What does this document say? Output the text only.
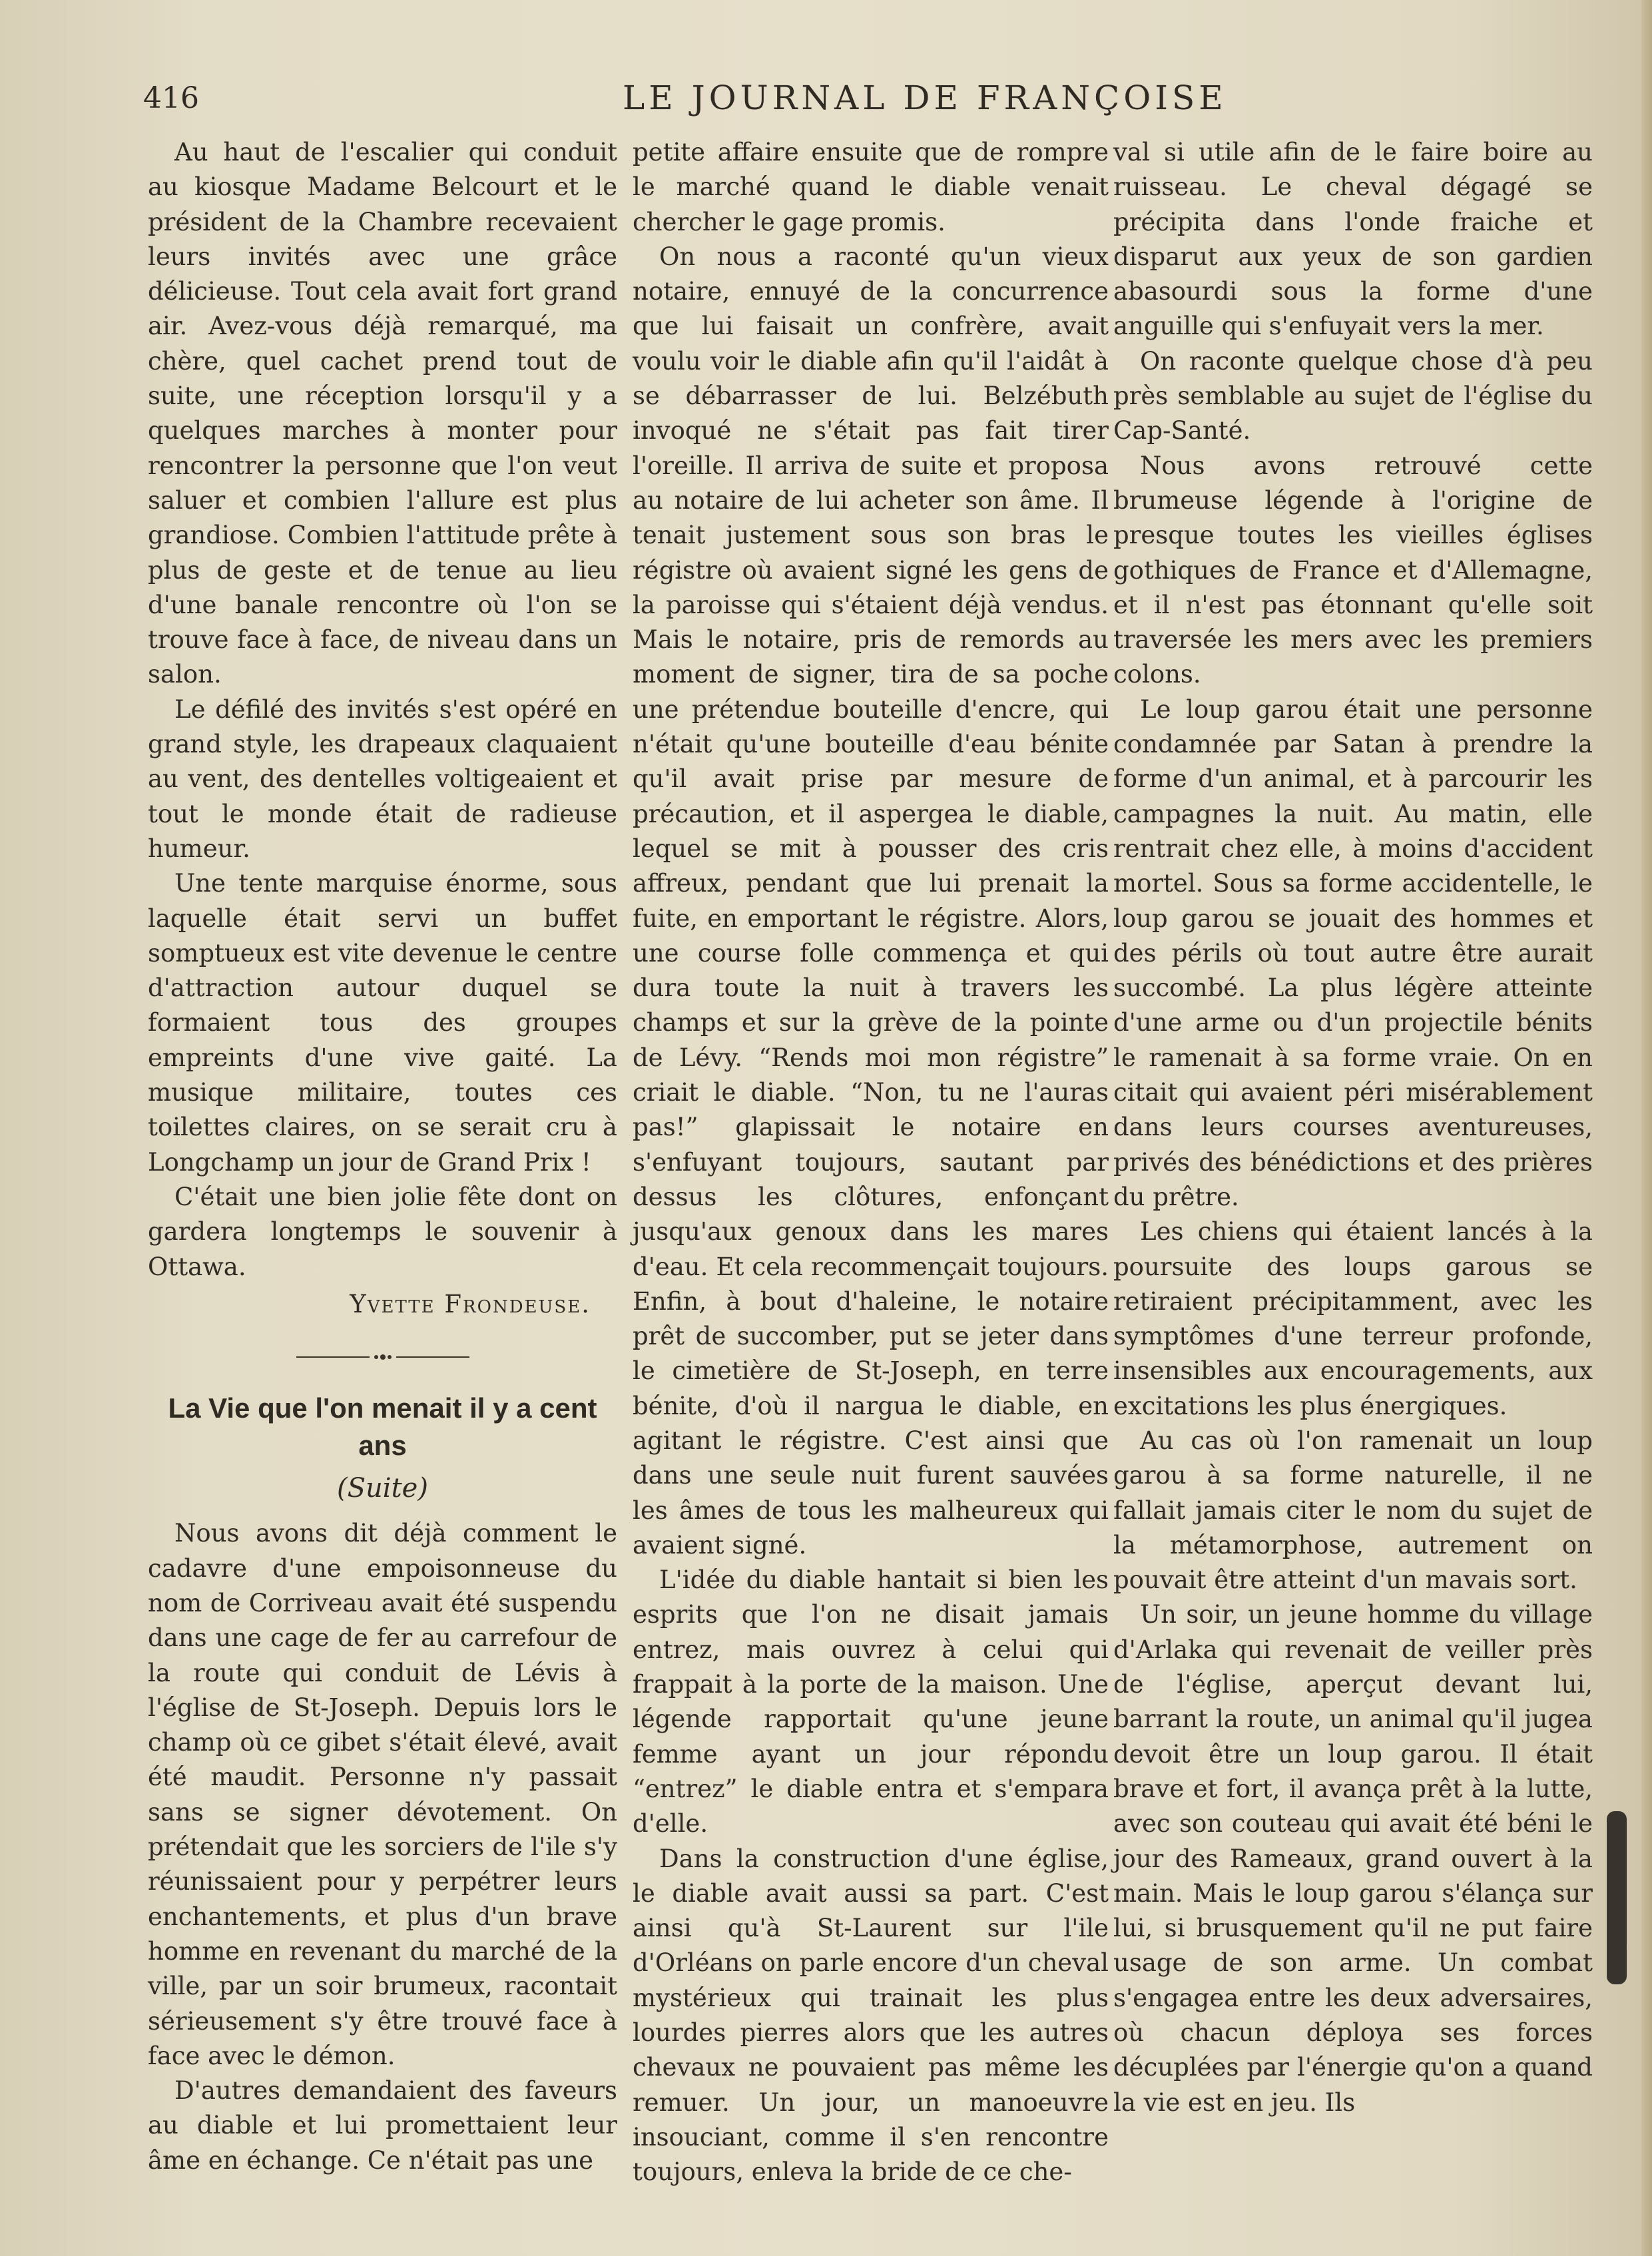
416	LE JOURNAL DE FRANÇOISE

Au haut de l'escalier qui conduit au kiosque Madame Belcourt et le président de la Chambre recevaient leurs invités avec une grâce délicieuse. Tout cela avait fort grand air. Avez-vous déjà remarqué, ma chère, quel cachet prend tout de suite, une réception lorsqu'il y a quelques marches à monter pour rencontrer la personne que l'on veut saluer et combien l'allure est plus grandiose. Combien l'attitude prête à plus de geste et de tenue au lieu d'une banale rencontre où l'on se trouve face à face, de niveau dans un salon.

Le défilé des invités s'est opéré en grand style, les drapeaux claquaient au vent, des dentelles voltigeaient et tout le monde était de radieuse humeur.

Une tente marquise énorme, sous laquelle était servi un buffet somptueux est vite devenue le centre d'attraction autour duquel se formaient tous des groupes empreints d'une vive gaité. La musique militaire, toutes ces toilettes claires, on se serait cru à Longchamp un jour de Grand Prix !

C'était une bien jolie fête dont on gardera longtemps le souvenir à Ottawa.

Yvette Frondeuse.
La Vie que l'on menait il y a cent ans
(Suite)

Nous avons dit déjà comment le cadavre d'une empoisonneuse du nom de Corriveau avait été suspendu dans une cage de fer au carrefour de la route qui conduit de Lévis à l'église de St-Joseph. Depuis lors le champ où ce gibet s'était élevé, avait été maudit. Personne n'y passait sans se signer dévotement. On prétendait que les sorciers de l'ile s'y réunissaient pour y perpétrer leurs enchantements, et plus d'un brave homme en revenant du marché de la ville, par un soir brumeux, racontait sérieusement s'y être trouvé face à face avec le démon.

D'autres demandaient des faveurs au diable et lui promettaient leur âme en échange. Ce n'était pas une

petite affaire ensuite que de rompre le marché quand le diable venait chercher le gage promis.

On nous a raconté qu'un vieux notaire, ennuyé de la concurrence que lui faisait un confrère, avait voulu voir le diable afin qu'il l'aidât à se débarrasser de lui. Belzébuth invoqué ne s'était pas fait tirer l'oreille. Il arriva de suite et proposa au notaire de lui acheter son âme. Il tenait justement sous son bras le régistre où avaient signé les gens de la paroisse qui s'étaient déjà vendus. Mais le notaire, pris de remords au moment de signer, tira de sa poche une prétendue bouteille d'encre, qui n'était qu'une bouteille d'eau bénite qu'il avait prise par mesure de précaution, et il aspergea le diable, lequel se mit à pousser des cris affreux, pendant que lui prenait la fuite, en emportant le régistre. Alors, une course folle commença et qui dura toute la nuit à travers les champs et sur la grève de la pointe de Lévy. “Rends moi mon régistre” criait le diable. “Non, tu ne l'auras pas!” glapissait le notaire en s'enfuyant toujours, sautant par dessus les clôtures, enfonçant jusqu'aux genoux dans les mares d'eau. Et cela recommençait toujours. Enfin, à bout d'haleine, le notaire prêt de succomber, put se jeter dans le cimetière de St-Joseph, en terre bénite, d'où il nargua le diable, en agitant le régistre. C'est ainsi que dans une seule nuit furent sauvées les âmes de tous les malheureux qui avaient signé.

L'idée du diable hantait si bien les esprits que l'on ne disait jamais entrez, mais ouvrez à celui qui frappait à la porte de la maison. Une légende rapportait qu'une jeune femme ayant un jour répondu “entrez” le diable entra et s'empara d'elle.

Dans la construction d'une église, le diable avait aussi sa part. C'est ainsi qu'à St-Laurent sur l'ile d'Orléans on parle encore d'un cheval mystérieux qui trainait les plus lourdes pierres alors que les autres chevaux ne pouvaient pas même les remuer. Un jour, un manoeuvre insouciant, comme il s'en rencontre toujours, enleva la bride de ce che-

val si utile afin de le faire boire au ruisseau. Le cheval dégagé se précipita dans l'onde fraiche et disparut aux yeux de son gardien abasourdi sous la forme d'une anguille qui s'enfuyait vers la mer.

On raconte quelque chose d'à peu près semblable au sujet de l'église du Cap-Santé.

Nous avons retrouvé cette brumeuse légende à l'origine de presque toutes les vieilles églises gothiques de France et d'Allemagne, et il n'est pas étonnant qu'elle soit traversée les mers avec les premiers colons.

Le loup garou était une personne condamnée par Satan à prendre la forme d'un animal, et à parcourir les campagnes la nuit. Au matin, elle rentrait chez elle, à moins d'accident mortel. Sous sa forme accidentelle, le loup garou se jouait des hommes et des périls où tout autre être aurait succombé. La plus légère atteinte d'une arme ou d'un projectile bénits le ramenait à sa forme vraie. On en citait qui avaient péri misérablement dans leurs courses aventureuses, privés des bénédictions et des prières du prêtre.

Les chiens qui étaient lancés à la poursuite des loups garous se retiraient précipitamment, avec les symptômes d'une terreur profonde, insensibles aux encouragements, aux excitations les plus énergiques.

Au cas où l'on ramenait un loup garou à sa forme naturelle, il ne fallait jamais citer le nom du sujet de la métamorphose, autrement on pouvait être atteint d'un mavais sort.

Un soir, un jeune homme du village d'Arlaka qui revenait de veiller près de l'église, aperçut devant lui, barrant la route, un animal qu'il jugea devoit être un loup garou. Il était brave et fort, il avança prêt à la lutte, avec son couteau qui avait été béni le jour des Rameaux, grand ouvert à la main. Mais le loup garou s'élança sur lui, si brusquement qu'il ne put faire usage de son arme. Un combat s'engagea entre les deux adversaires, où chacun déploya ses forces décuplées par l'énergie qu'on a quand la vie est en jeu. Ils
